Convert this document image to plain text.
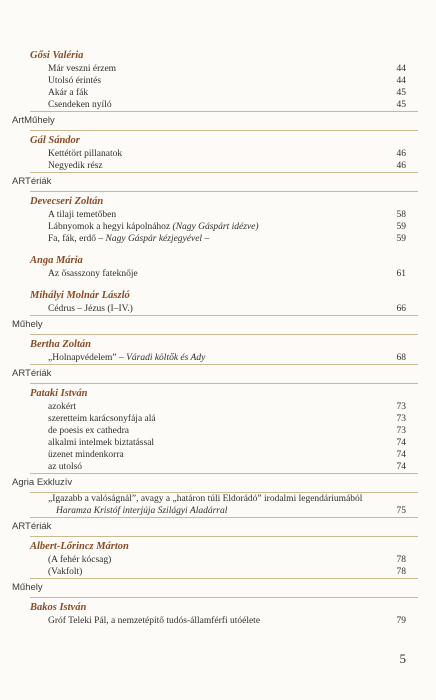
Gősi Valéria
Már veszni érzem	44
Utolsó érintés	44
Akár a fák	45
Csendeken nyíló	45
ArtMűhely
Gál Sándor
Kettétört pillanatok	46
Negyedik rész	46
ARTériák
Devecseri Zoltán
A tilaji temetőben	58
Lábnyomok a hegyi kápolnához (Nagy Gáspárt idézve)	59
Fa, fák, erdő – Nagy Gáspár kézjegyével –	59
Anga Mária
Az ősasszony fateknője	61
Mihályi Molnár László
Cédrus – Jézus (I–IV.)	66
Műhely
Bertha Zoltán
„Holnapvédelem” – Váradi költők és Ady	68
ARTériák
Pataki István
azokért	73
szeretteim karácsonyfája alá	73
de poesis ex cathedra	73
alkalmi intelmek biztatással	74
üzenet mindenkorra	74
az utolsó	74
Agria Exkluzív
„Igazabb a valóságnál”, avagy a „határon túli Eldorádó” irodalmi legendáriumából
Haramza Kristóf interjúja Szilágyi Aladárral	75
ARTériák
Albert-Lőrincz Márton
(A fehér kócsag)	78
(Vakfolt)	78
Műhely
Bakos István
Gróf Teleki Pál, a nemzetépítő tudós-államférfi utóélete	79
5
